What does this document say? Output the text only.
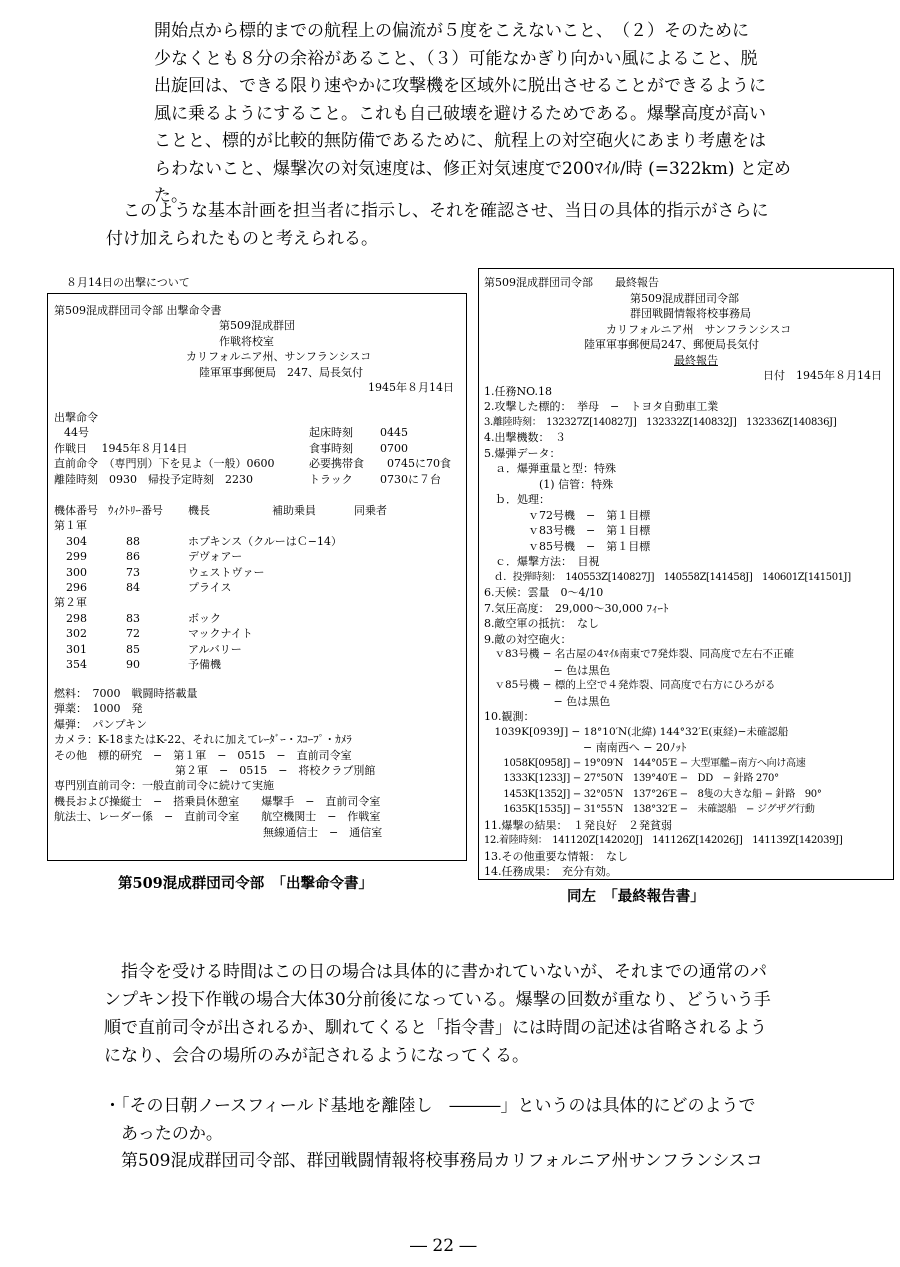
開始点から標的までの航程上の偏流が５度をこえないこと、　（２）そのために
少なくとも８分の余裕があること、（３）可能なかぎり向かい風によること、脱
出旋回は、できる限り速やかに攻撃機を区域外に脱出させることができるように
風に乗るようにすること。これも自己破壊を避けるためである。爆撃高度が高い
ことと、標的が比較的無防備であるために、航程上の対空砲火にあまり考慮をは
らわないこと、爆撃次の対気速度は、修正対気速度で200ﾏｲﾙ/時 (=322km) と定め
た。
　このような基本計画を担当者に指示し、それを確認させ、当日の具体的指示がさらに
付け加えられたものと考えられる。
８月14日の出撃について
第509混成群団司令部 出撃命令書
第509混成群団
作戦将校室
カリフォルニア州、サンフランシスコ
陸軍軍事郵便局　247、局長気付
1945年８月14日
出撃命令
44号	起床時刻 0445
作戦日　 1945年８月14日	食事時刻 0700
直前命令　（専門別）下を見よ（一般）0600	必要携帯食 0745に70食
離陸時刻　0930　帰投予定時刻　2230	トラック 0730に７台
機体番号 ｳｨｸﾄﾘｰ番号 機長	補助乗員	同乗者
第１軍
304	88	ホプキンス（クルーはＣ−14）
299	86	デヴォアー
300	73	ウェストヴァー
296	84	プライス
第２軍
298	83	ボック
302	72	マックナイト
301	85	アルバリー
354	90	予備機
燃料：　7000　戦闘時搭載量
弾薬：　1000　発
爆弾：　パンプキン
カメラ：K-18またはK-22、それに加えてﾚｰﾀﾞｰ・ｽｺｰﾌﾟ・ｶﾒﾗ
その他　標的研究　−　第１軍　−　0515　−　直前司令室
　　　　　　　　　　　第２軍　−　0515　−　将校クラブ別館
専門別直前司令：一般直前司令に続けて実施
機長および操縦士　−　搭乗員休憩室　　爆撃手　−　直前司令室
航法士、レーダー係　−　直前司令室　　航空機関士　−　作戦室
　　　　　　　　　　　　　　　　　　　無線通信士　−　通信室
第509混成群団司令部　「出撃命令書」
第509混成群団司令部　　最終報告
第509混成群団司令部
群団戦闘情報将校事務局
カリフォルニア州　サンフランシスコ
陸軍軍事郵便局247、郵便局長気付
最終報告
日付　1945年８月14日
1.任務NO.18
2.攻撃した標的：　挙母　−　トヨタ自動車工業
3.離陸時刻：　132327Z[140827J]　132332Z[140832J]　132336Z[140836J]
4.出撃機数：　３
5.爆弾データ：
　ａ．爆弾重量と型：特殊
　　　　　(1) 信管：特殊
　ｂ．処理：
　　　　ｖ72号機　−　第１目標
　　　　ｖ83号機　−　第１目標
　　　　ｖ85号機　−　第１目標
　ｃ．爆撃方法：　目視
　ｄ．投弾時刻：　140553Z[140827J]　140558Z[141458J]　140601Z[141501J]
6.天候：雲量　0〜4/10
7.気圧高度：　29,000〜30,000 ﾌｨｰﾄ
8.敵空軍の抵抗：　なし
9.敵の対空砲火：
　ｖ83号機 − 名古屋の4ﾏｲﾙ南東で7発炸裂、同高度で左右不正確
　　　　　　 − 色は黒色
　ｖ85号機 − 標的上空で４発炸裂、同高度で右方にひろがる
　　　　　　 − 色は黒色
10.観測：
　1039K[0939J] − 18°10′N(北緯) 144°32′E(東経)−未確認船
　　　　　　　　　− 南南西へ − 20ﾉｯﾄ
　　1058K[0958J] − 19°09′N　144°05′E − 大型軍艦−南方へ向け高速
　　1333K[1233J] − 27°50′N　139°40′E −　DD　− 針路 270°
　　1453K[1352J] − 32°05′N　137°26′E −　8隻の大きな船 − 針路　90°
　　1635K[1535J] − 31°55′N　138°32′E −　未確認船　− ジグザグ行動
11.爆撃の結果：　１発良好　２発貧弱
12.着陸時刻：　141120Z[142020J]　141126Z[142026J]　141139Z[142039J]
13.その他重要な情報：　なし
14.任務成果：　充分有効。
同左　「最終報告書」
　指令を受ける時間はこの日の場合は具体的に書かれていないが、それまでの通常のパ
ンプキン投下作戦の場合大体30分前後になっている。爆撃の回数が重なり、どういう手
順で直前司令が出されるか、馴れてくると「指令書」には時間の記述は省略されるよう
になり、会合の場所のみが記されるようになってくる。
・「その日朝ノースフィールド基地を離陸し　―――」というのは具体的にどのようで
　あったのか。
　第509混成群団司令部、群団戦闘情報将校事務局カリフォルニア州サンフランシスコ
― 22 ―
